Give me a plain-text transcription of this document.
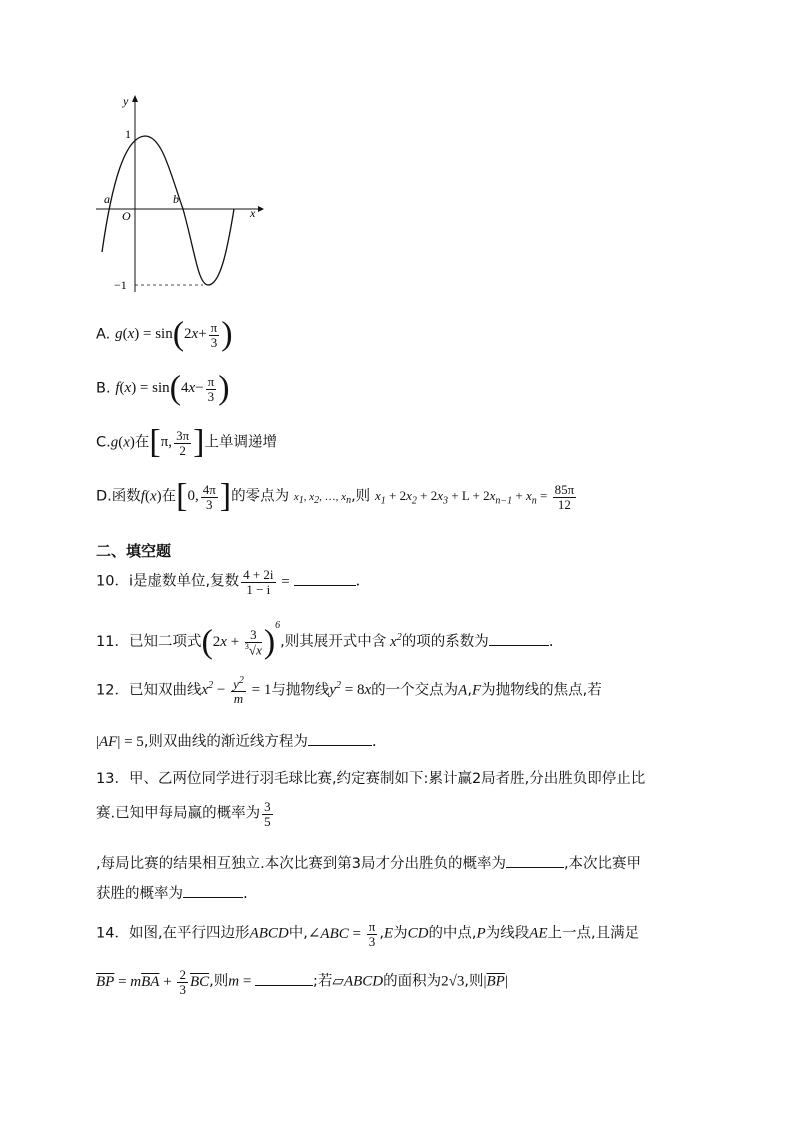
y
x
O
1
−1
a	b
A. $g(x) = \sin(2x+ \frac{\pi}{3}$ )
B. $f(x) = \sin(4x- \frac{\pi}{3}$ )
C.g(x)在[π, $\frac{3\pi}{2}$ ]上单调递增
D.函数f(x)在[0, $\frac{4\pi}{3}$ ]的零点为 $x_1$, $x_2$, …, $x_n$,则 $x_1 + 2x_2 + 2x_3 + L + 2x_{n-1} + x_n = \frac{85\pi}{12}$
二、填空题
10．i是虚数单位,复数 $\frac{4 + 2i}{1 - i}$ =	.
11．已知二项式$(2x + \frac{3}{^3√x} )^6$,则其展开式中含 $x^2$的项的系数为	.
12．已知双曲线$x^2 - \frac{y^2}{m} = 1$与抛物线$y^2 = 8x$的一个交点为A,F为抛物线的焦点,若
|AF| = 5,则双曲线的渐近线方程为	.
13．甲、乙两位同学进行羽毛球比赛,约定赛制如下:累计赢2局者胜,分出胜负即停止比
赛.已知甲每局赢的概率为 $\frac{3}{5}$
,每局比赛的结果相互独立.本次比赛到第3局才分出胜负的概率为	,本次比赛甲
获胜的概率为	.
14．如图,在平行四边形ABCD中,∠ABC = $\frac{\pi}{3} ,E$为CD的中点,P为线段AE上一点,且满足
$\overline{BP} = m\overline{BA} + \frac{2}{3} \overline{BC}$,则m =	;若▱ABCD的面积为2√3,则$|\overline{BP}|$
